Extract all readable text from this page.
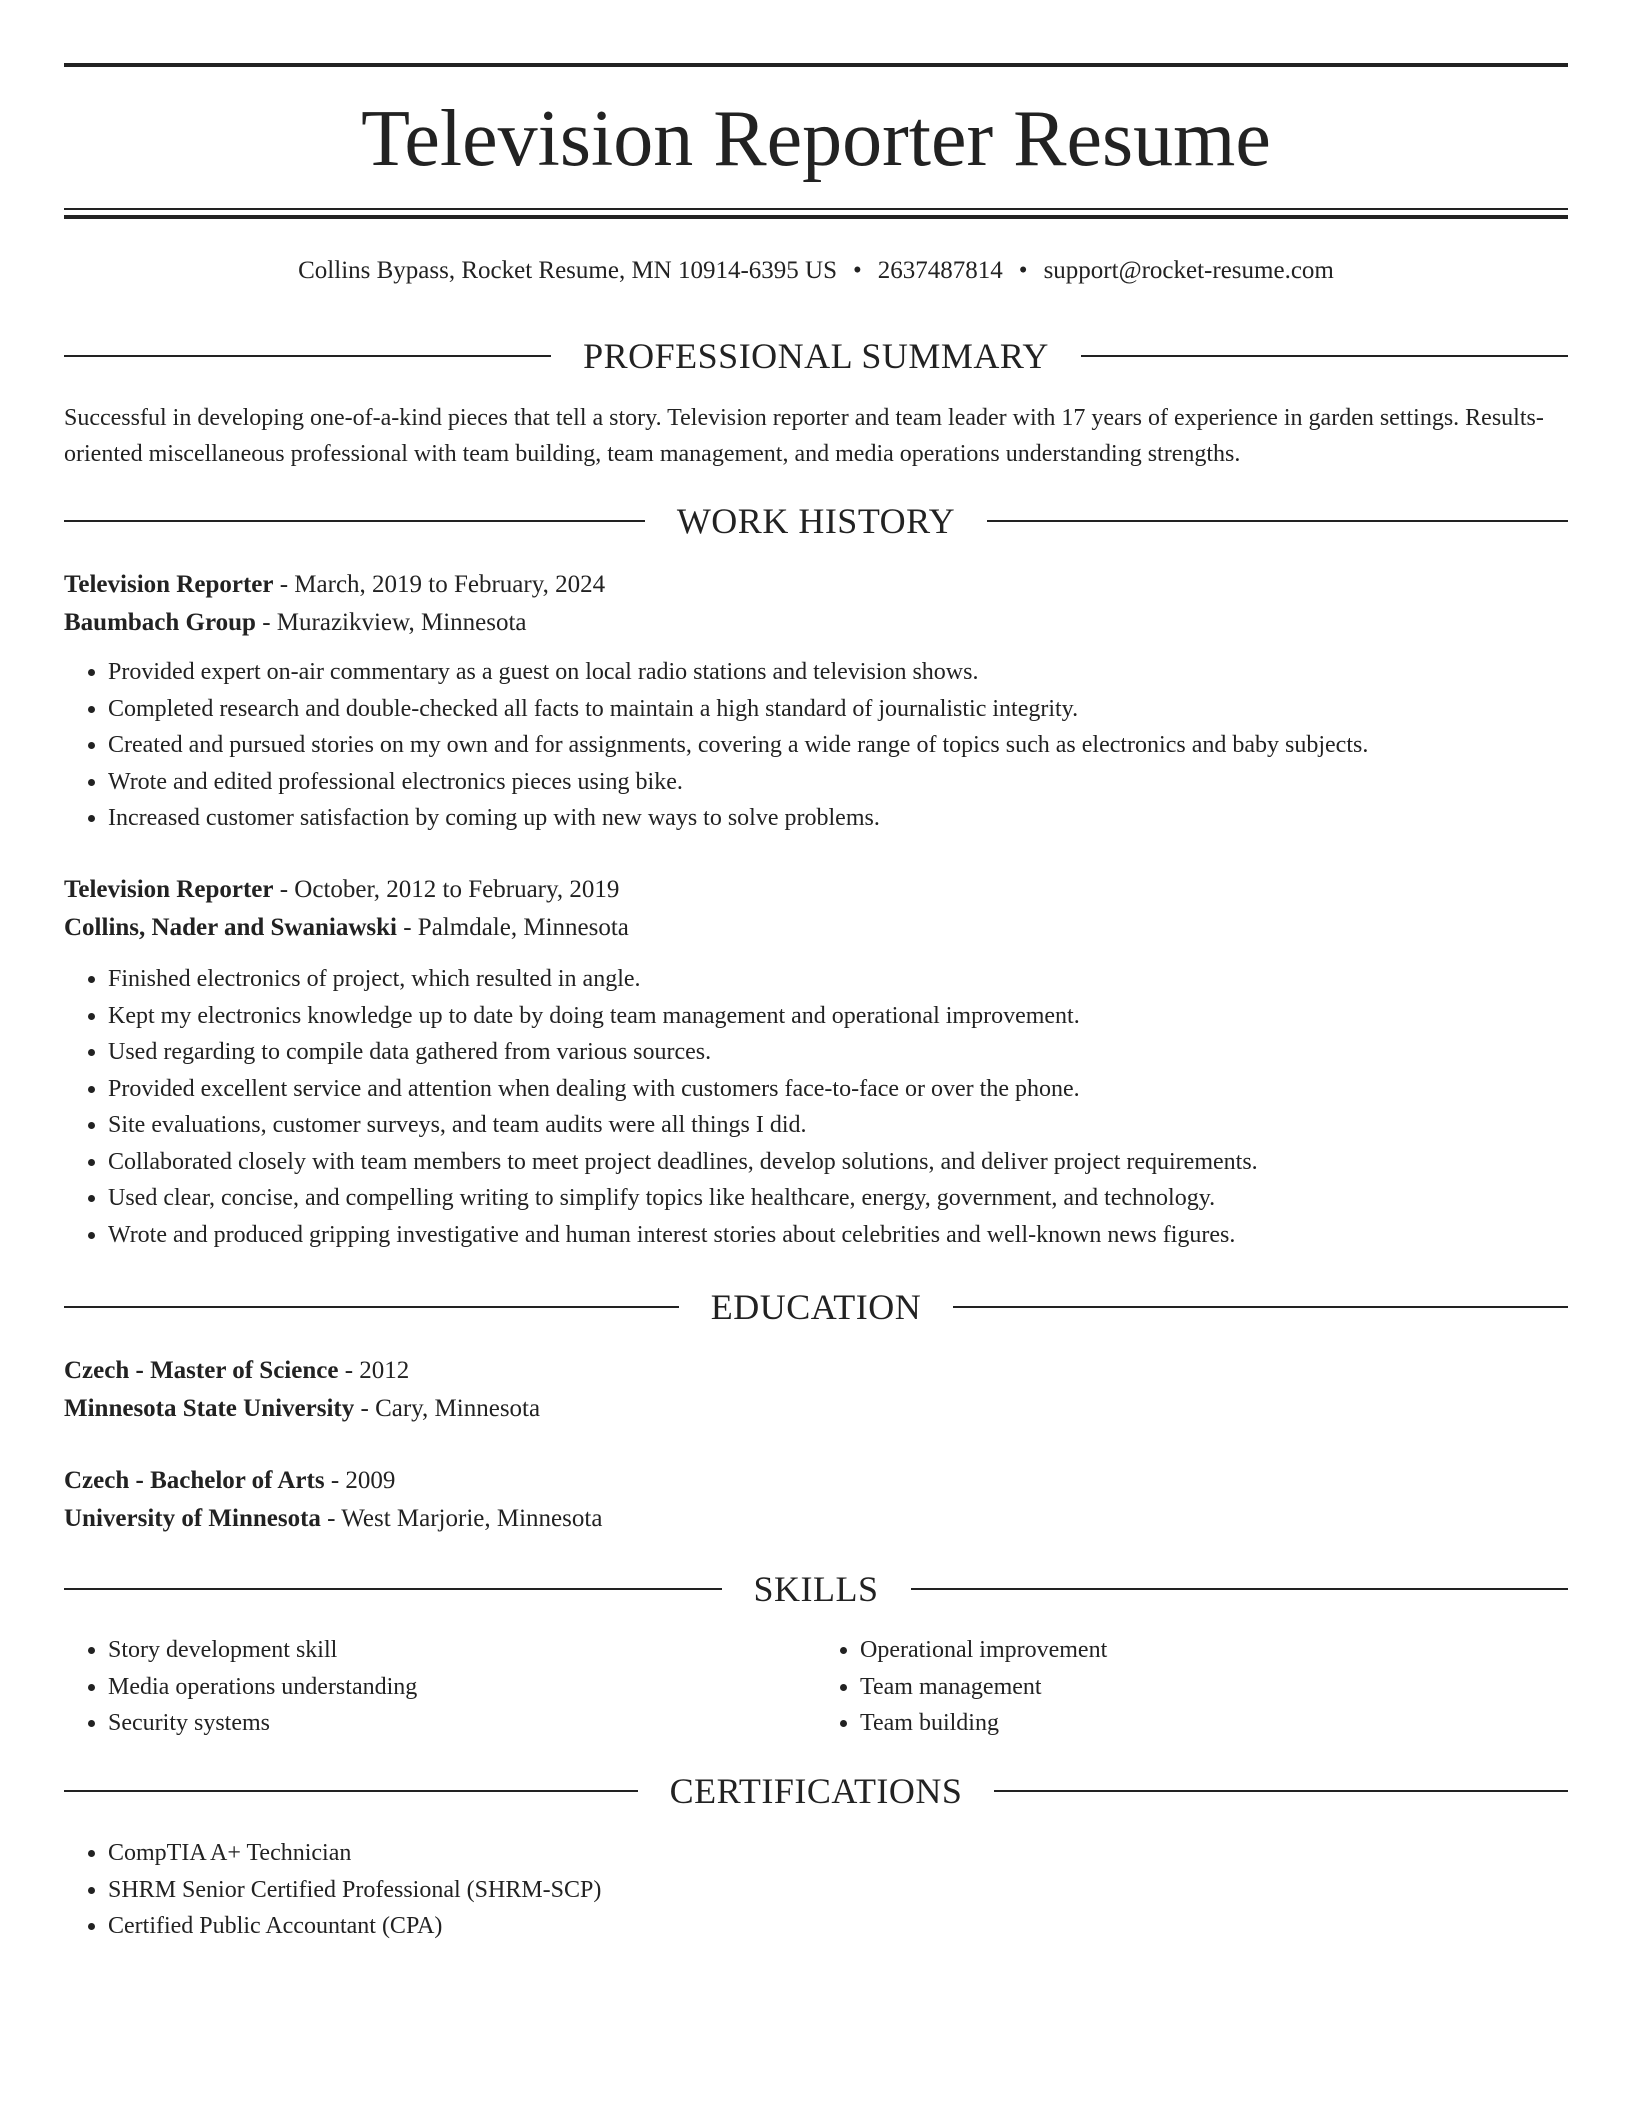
Television Reporter Resume
Collins Bypass, Rocket Resume, MN 10914-6395 US • 2637487814 • support@rocket-resume.com
PROFESSIONAL SUMMARY
Successful in developing one-of-a-kind pieces that tell a story. Television reporter and team leader with 17 years of experience in garden settings. Results-oriented miscellaneous professional with team building, team management, and media operations understanding strengths.
WORK HISTORY
Television Reporter - March, 2019 to February, 2024
Baumbach Group - Murazikview, Minnesota
• Provided expert on-air commentary as a guest on local radio stations and television shows.
• Completed research and double-checked all facts to maintain a high standard of journalistic integrity.
• Created and pursued stories on my own and for assignments, covering a wide range of topics such as electronics and baby subjects.
• Wrote and edited professional electronics pieces using bike.
• Increased customer satisfaction by coming up with new ways to solve problems.
Television Reporter - October, 2012 to February, 2019
Collins, Nader and Swaniawski - Palmdale, Minnesota
• Finished electronics of project, which resulted in angle.
• Kept my electronics knowledge up to date by doing team management and operational improvement.
• Used regarding to compile data gathered from various sources.
• Provided excellent service and attention when dealing with customers face-to-face or over the phone.
• Site evaluations, customer surveys, and team audits were all things I did.
• Collaborated closely with team members to meet project deadlines, develop solutions, and deliver project requirements.
• Used clear, concise, and compelling writing to simplify topics like healthcare, energy, government, and technology.
• Wrote and produced gripping investigative and human interest stories about celebrities and well-known news figures.
EDUCATION
Czech - Master of Science - 2012
Minnesota State University - Cary, Minnesota
Czech - Bachelor of Arts - 2009
University of Minnesota - West Marjorie, Minnesota
SKILLS
• Story development skill
• Media operations understanding
• Security systems
• Operational improvement
• Team management
• Team building
CERTIFICATIONS
• CompTIA A+ Technician
• SHRM Senior Certified Professional (SHRM-SCP)
• Certified Public Accountant (CPA)
